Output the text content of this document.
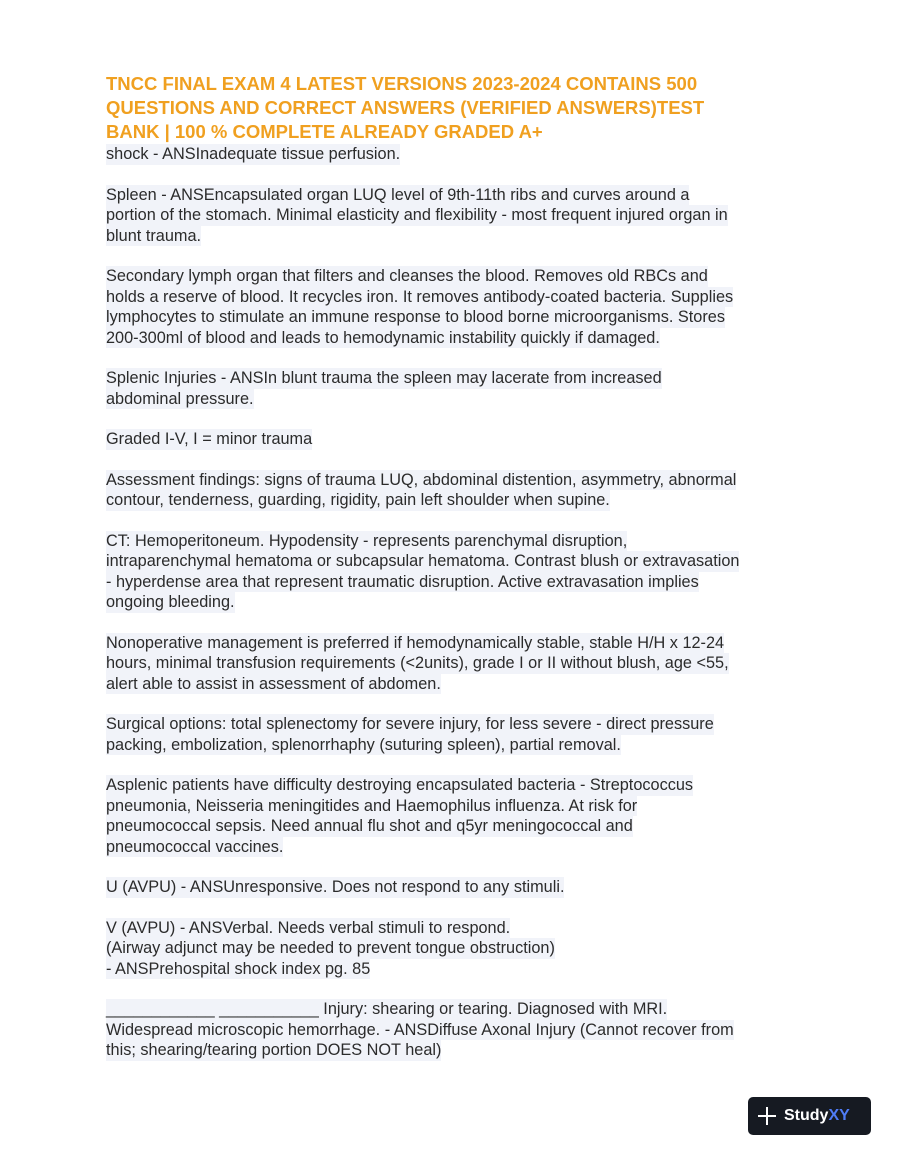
TNCC FINAL EXAM 4 LATEST VERSIONS 2023-2024 CONTAINS 500
QUESTIONS AND CORRECT ANSWERS (VERIFIED ANSWERS)TEST
BANK | 100 % COMPLETE ALREADY GRADED A+

shock - ANSInadequate tissue perfusion.

Spleen - ANSEncapsulated organ LUQ level of 9th-11th ribs and curves around a
portion of the stomach. Minimal elasticity and flexibility - most frequent injured organ in
blunt trauma.

Secondary lymph organ that filters and cleanses the blood. Removes old RBCs and
holds a reserve of blood. It recycles iron. It removes antibody-coated bacteria. Supplies
lymphocytes to stimulate an immune response to blood borne microorganisms. Stores
200-300ml of blood and leads to hemodynamic instability quickly if damaged.

Splenic Injuries - ANSIn blunt trauma the spleen may lacerate from increased
abdominal pressure.

Graded I-V, I = minor trauma

Assessment findings: signs of trauma LUQ, abdominal distention, asymmetry, abnormal
contour, tenderness, guarding, rigidity, pain left shoulder when supine.

CT: Hemoperitoneum. Hypodensity - represents parenchymal disruption,
intraparenchymal hematoma or subcapsular hematoma. Contrast blush or extravasation
- hyperdense area that represent traumatic disruption. Active extravasation implies
ongoing bleeding.

Nonoperative management is preferred if hemodynamically stable, stable H/H x 12-24
hours, minimal transfusion requirements (<2units), grade I or II without blush, age <55,
alert able to assist in assessment of abdomen.

Surgical options: total splenectomy for severe injury, for less severe - direct pressure
packing, embolization, splenorrhaphy (suturing spleen), partial removal.

Asplenic patients have difficulty destroying encapsulated bacteria - Streptococcus
pneumonia, Neisseria meningitides and Haemophilus influenza. At risk for
pneumococcal sepsis. Need annual flu shot and q5yr meningococcal and
pneumococcal vaccines.

U (AVPU) - ANSUnresponsive. Does not respond to any stimuli.

V (AVPU) - ANSVerbal. Needs verbal stimuli to respond.
(Airway adjunct may be needed to prevent tongue obstruction)
- ANSPrehospital shock index pg. 85

____________ ___________ Injury: shearing or tearing. Diagnosed with MRI.
Widespread microscopic hemorrhage. - ANSDiffuse Axonal Injury (Cannot recover from
this; shearing/tearing portion DOES NOT heal)

Study XY
